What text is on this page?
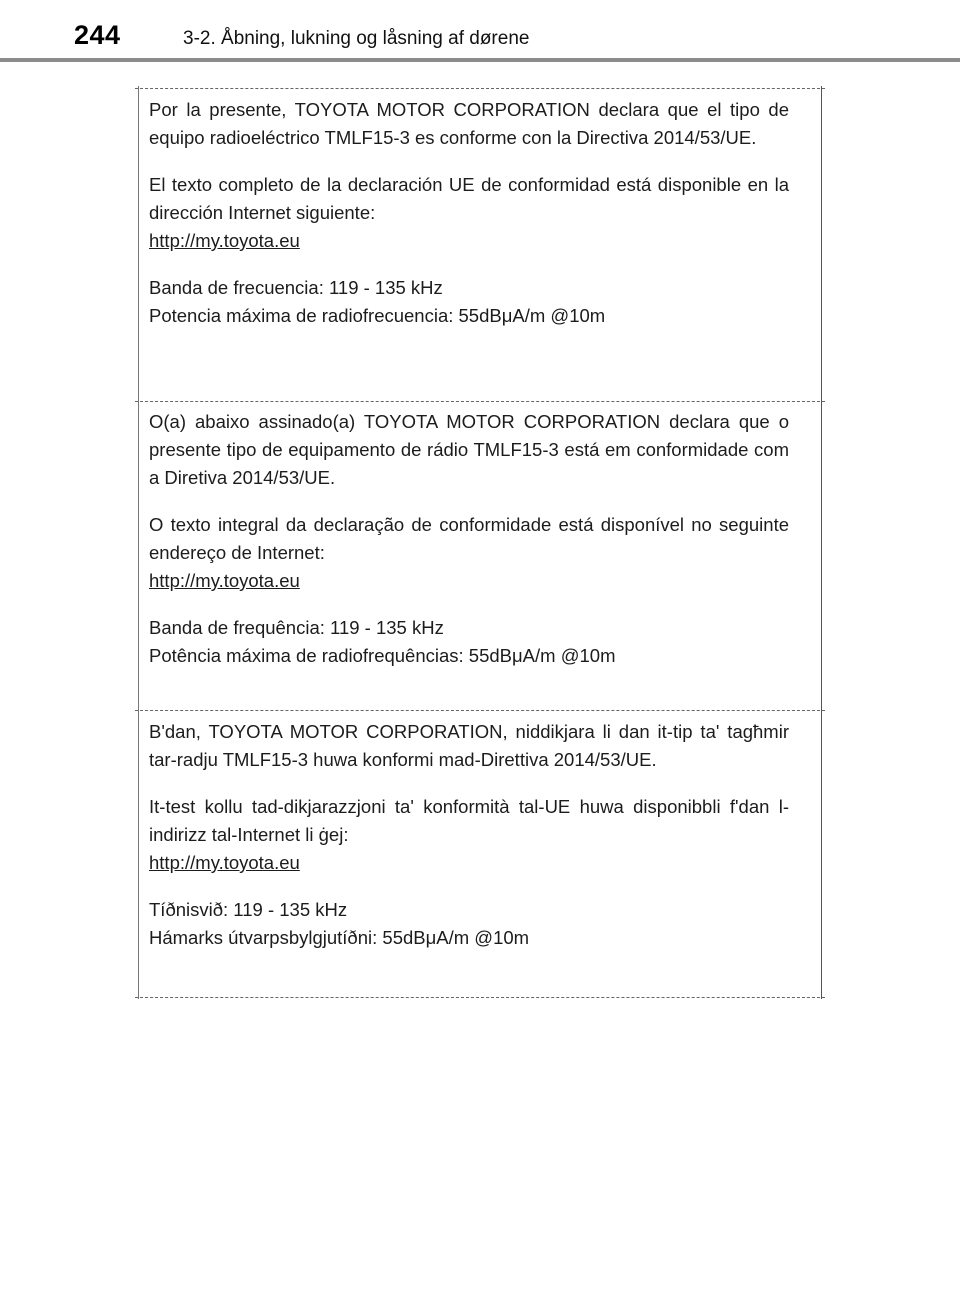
244	3-2. Åbning, lukning og låsning af dørene

Por la presente, TOYOTA MOTOR CORPORATION declara que el tipo de equipo radioeléctrico TMLF15-3 es conforme con la Directiva 2014/53/UE.

El texto completo de la declaración UE de conformidad está disponible en la dirección Internet siguiente:

http://my.toyota.eu
Banda de frecuencia: 119 - 135 kHz
Potencia máxima de radiofrecuencia: 55dBμA/m @10m

O(a) abaixo assinado(a) TOYOTA MOTOR CORPORATION declara que o presente tipo de equipamento de rádio TMLF15-3 está em conformidade com a Diretiva 2014/53/UE.

O texto integral da declaração de conformidade está disponível no seguinte endereço de Internet:

http://my.toyota.eu
Banda de frequência: 119 - 135 kHz
Potência máxima de radiofrequências: 55dBμA/m @10m

B'dan, TOYOTA MOTOR CORPORATION, niddikjara li dan it-tip ta' tagħmir tar-radju TMLF15-3 huwa konformi mad-Direttiva 2014/53/UE.

It-test kollu tad-dikjarazzjoni ta' konformità tal-UE huwa disponibbli f'dan l-indirizz tal-Internet li ġej:

http://my.toyota.eu
Tíðnisvið: 119 - 135 kHz
Hámarks útvarpsbylgjutíðni: 55dBμA/m @10m
